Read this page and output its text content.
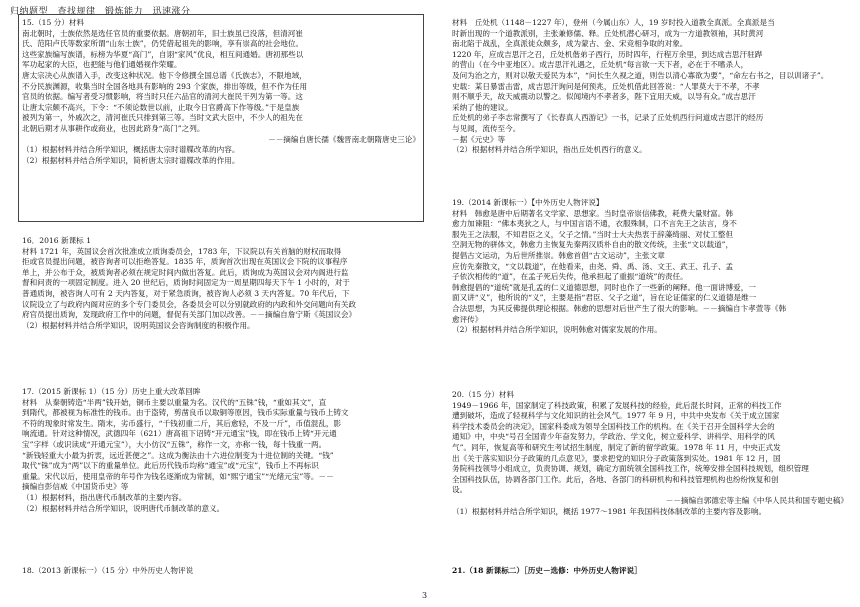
归纳题型　查找规律　锻炼能力　迅速涨分

15.（15 分）材料

南北朝时，士族依然是选任官员的重要依据。唐朝初年，旧士族虽已没落，但清河崔

氏、范阳卢氏等数家所谓“山东士族”，仍凭借起祖先的影响，享有崇高的社会地位。

这些家族编写族谱，标榜为华夏“高门”，自诩“家风”优良，相互间通婚。唐初那些以

军功起家的大臣，也把能与他们通婚视作荣耀。

唐太宗决心从族谱入手，改变这种状况。他下令修撰全国总谱《氏族志》，不限地域，

不分民族渊源，收集当时全国各地具有影响的 293 个家族，排出等级，但不作为任用

官员的依据。编写者受习惯影响，将当时只任六品官的清河大崔民干列为第一等。这

让唐太宗颇不高兴，下令：“不须论数世以前，止取今日官爵高下作等级。”于是皇族

被列为第一，外戚次之，清河崔氏只排到第三等。当时文武大臣中，不少人的祖先在

北朝后期才从事耕作或商业，也因此跻身“高门”之列。

－－摘编自唐长孺《魏晋南北朝隋唐史三论》

（1）根据材料并结合所学知识，概括唐太宗时谱牒改革的内容。

（2）根据材料并结合所学知识，简析唐太宗时谱牒改革的作用。

16．2016 新课标 1

材料 1721 年，英国议会首次批准成立质询委员会，1783 年，下议院以有关首脑的财权而取得

拒或官员提出问题，被咨询者可以拒绝答复。1835 年，质询首次出现在英国议会下院的议事程序

单上，并公布于众，被质询者必须在规定时间内做出答复。此后，质询成为英国议会对内阁进行监

督和问责的一项固定制度。进入 20 世纪后，质询时间固定为一周星期四每天下午 1 小时的，对于

普通质询，被咨询人可有 2 天内答复，对于紧急质询，被咨询人必须 3 天内答复。70 年代后，下

议院设立了与政府内阁对应的多个专门委员会，各委员会可以分别就政府的内政和外交问题向有关政

府官员提出质询，发现政府工作中的问题，督促有关部门加以改善。－－摘编自詹宁斯《英国议会》

（2）根据材料并结合所学知识，说明英国议会咨询制度的积极作用。

17.（2015 新课标 1）（15 分）历史上重大改革回眸

材料　从秦朝铸造“半两”钱开始，铜币主要以重量为名。汉代的“五铢”钱，“重如其文”，直

到隋代，都被视为标准性的钱币。由于盗铸，剪凿良币以取铜等原因，钱币实际重量与钱币上铸文

不符的现象时常发生。隋末，劣币盛行，“千钱初重二斤，其后愈轻，不及一斤”，币值混乱，影

响流通。针对这种情况，武德四年（621）唐高祖下诏铸“开元通宝”钱，即在钱币上铸“开元通

宝”字样（或识读成“开通元宝”），大小仿汉“五铢”，称作一文，亦称一钱，每十钱重一两。

“新钱轻重大小最为折衷，远近甚便之”。这成为衡法由十六进位制变为十进位制的关键。“钱”

取代“铢”成为“两”以下的重量单位。此后历代钱币均称“通宝”或“元宝”，钱币上不再标识

重量。宋代以后，使用皇帝的年号作为钱名逐渐成为常制，如“熙宁通宝”“光绪元宝”等。－－

摘编自彭信威《中国货币史》等

（1）根据材料，指出唐代币制改革的主要内容。

（2）根据材料并结合所学知识，说明唐代币制改革的意义。

18.（2013 新课标一）（15 分）中外历史人物评说

材料　丘处机（1148－1227 年），登州（今属山东）人，19 岁时投入道教全真派。全真派是当

时新出现的一个道教派别，主张兼修儒、释。丘处机潜心研习，成为一方道教领袖，其时黄河

南北陷于战乱，全真派徒众颇多，成为蒙古、金、宋竞相争取的对象。

1220 年，应成吉思汗之召，丘处机偕弟子西行，历时四年，行程万余里，到达成吉思汗驻跸

的营山（在今中亚地区）。成吉思汗礼遇之，丘处机“每言欲一天下者，必在于不嗜杀人，

及问为治之方，则对以敬天爱民为本”，“问长生久视之道，则告以清心寡欲为要”，“命左右书之，目以训诸子”。

史载：某日暴雷击雷，成吉思汗询问是何预兆，丘处机借此回答说：“人罪莫大于不孝，不孝

则不顺乎天，故天威震动以警之。似闻境内不孝者多，陛下宜用天威，以导有众。”成吉思汗

采纳了他的建议。

丘处机的弟子李志常撰写了《长春真人西游记》一书，记录了丘处机西行问道成吉思汗的经历

与见闻，流传至今。

－据《元史》等

（2）根据材料并结合所学知识，指出丘处机西行的意义。

19.（2014 新课标一）【中外历史人物评说】

材料　韩愈是唐中后期著名文学家、思想家。当时皇帝崇信佛教，耗费大量财富。韩

愈力加谏阻：“佛本夷狄之人，与中国言语不通，衣服殊制，口不言先王之法言，身不

服先王之法服，不知君臣之义，父子之情。”当时士大夫热衷于辞藻绮丽、对仗工整但

空洞无物的骈体文，韩愈力主恢复先秦两汉质朴自由的散文传统，主张“文以载道”，

提倡古文运动，为后世所推崇。韩愈首倡“古文运动”，主张文章

应仿先秦散文，“文以载道”，在他看来，由尧、舜、禹、汤、文王、武王、孔子、孟

子依次相传的“道”，在孟子死后失传，他承担起了重振“道统”的责任。

韩愈提倡的“道统”就是孔孟的仁义道德思想，同时也作了一些新的阐释。他一面讲博爱，一

面又讲“义”，他所说的“义”，主要是指“君臣、父子之道”，旨在论证儒家的仁义道德是维一

合法思想，为其反佛提供理论根据。韩愈的思想对后世产生了很大的影响。－－摘编自卞孝萱等《韩

愈评传》

（2）根据材料并结合所学知识，说明韩愈对儒家发展的作用。

20.（15 分）材料

1949－1966 年，国家制定了科技政策，积累了发展科技的经验，此后混长时间，正常的科技工作

遭到破坏，造成了轻视科学与文化知识的社会风气。1977 年 9 月，中共中央发布《关于成立国家

科学技术委员会的决定》，国家科委成为领导全国科技工作的机构。在《关于召开全国科学大会的

通知》中，中央“号召全国青少年奋发努力，学政治、学文化，树立爱科学、讲科学、用科学的风

气”。同年，恢复高等和研究生考试招生制度，制定了新的留学政策。1978 年 11 月，中央正式发

出《关于落实知识分子政策的几点意见》，要求把党的知识分子政策落到实处。1981 年 12 月，国

务院科技领导小组成立，负责协调、规划，确定方面统领全国科技工作，统筹安排全国科技规划，组织管理

全国科技队伍，协调各部门工作。此后，各地、各部门的科研机构和科技管理机构也纷纷恢复和创

设。

－－摘编自郭德宏等主编《中华人民共和国专题史稿》

（1）根据材料并结合所学知识，概括 1977～1981 年我国科技体制改革的主要内容及影响。

21.（18 新课标二）［历史－选修：中外历史人物评说］

3
